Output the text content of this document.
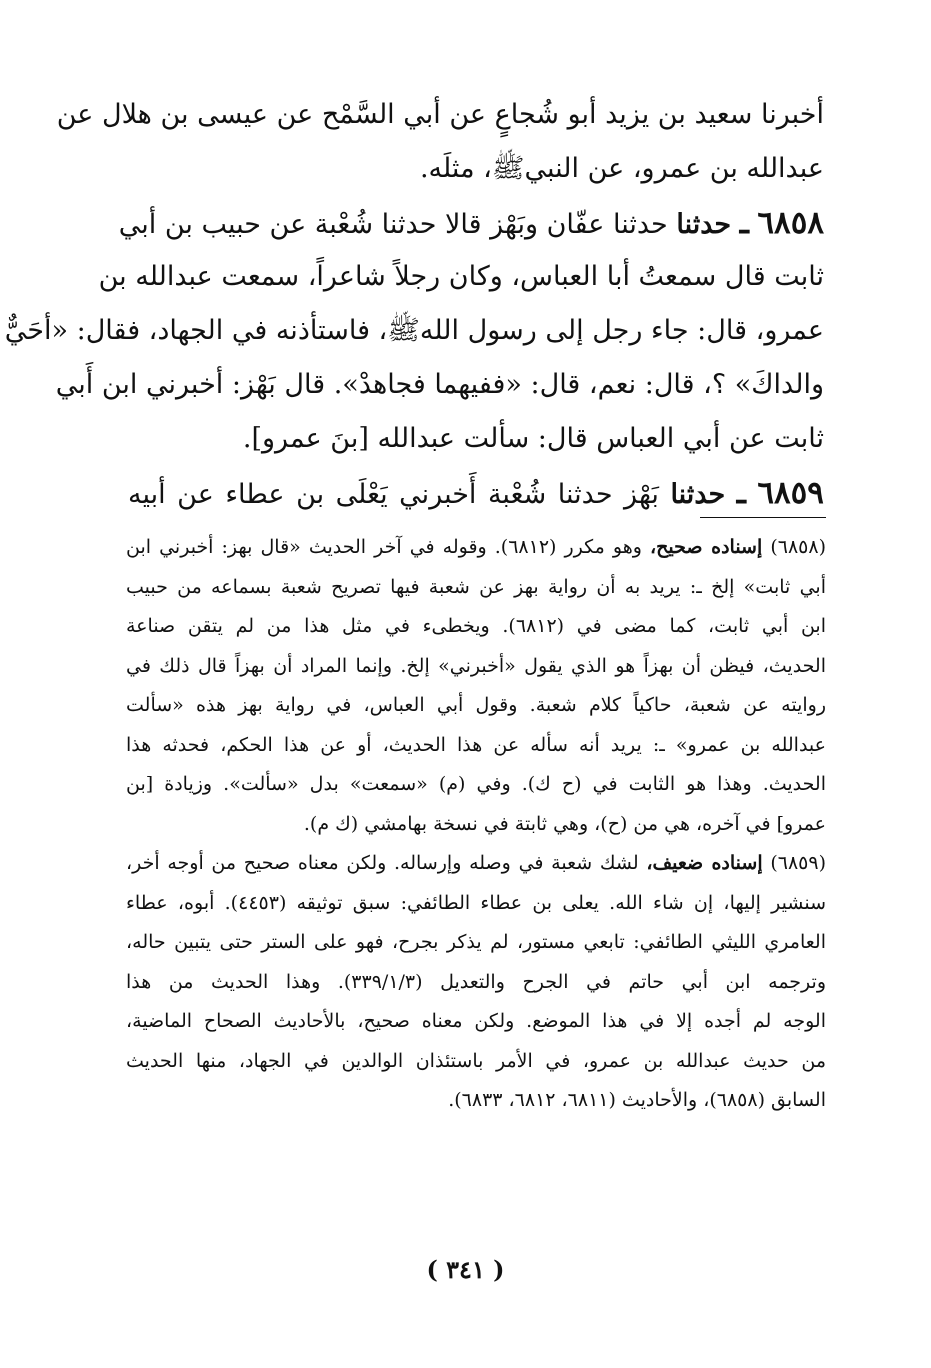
أخبرنا سعيد بن يزيد أبو شُجاعٍ عن أبي السَّمْح عن عيسى بن هلال عن
عبدالله بن عمرو، عن النبيﷺ، مثلَه.
٦٨٥٨ ـ حدثنا حدثنا عفّان وبَهْز قالا حدثنا شُعْبة عن حبيب بن أبي
ثابت قال سمعتُ أبا العباس، وكان رجلاً شاعراً، سمعت عبدالله بن
عمرو، قال: جاء رجل إلى رسول اللهﷺ، فاستأذنه في الجهاد، فقال: «أحَيٌّ
والداكَ» ؟، قال: نعم، قال: «ففيهما فجاهدْ». قال بَهْز: أخبرني ابن أَبي
ثابت عن أبي العباس قال: سألت عبدالله [بنَ عمرو].
٦٨٥٩ ـ حدثنا بَهْز حدثنا شُعْبة أَخبرني يَعْلَى بن عطاء عن أبيه
(٦٨٥٨) إسناده صحيح، وهو مكرر (٦٨١٢). وقوله في آخر الحديث «قال بهز: أخبرني ابن
أبي ثابت» إلخ ـ: يريد به أن رواية بهز عن شعبة فيها تصريح شعبة بسماعه من حبيب
ابن أبي ثابت، كما مضى في (٦٨١٢). ويخطىء في مثل هذا من لم يتقن صناعة
الحديث، فيظن أن بهزاً هو الذي يقول «أخبرني» إلخ. وإنما المراد أن بهزاً قال ذلك في
روايته عن شعبة، حاكياً كلام شعبة. وقول أبي العباس، في رواية بهز هذه «سألت
عبدالله بن عمرو» ـ: يريد أنه سأله عن هذا الحديث، أو عن هذا الحكم، فحدثه هذا
الحديث. وهذا هو الثابت في (ح ك). وفي (م) «سمعت» بدل «سألت». وزيادة [بن
عمرو] في آخره، هي من (ح)، وهي ثابتة في نسخة بهامشي (ك م).
(٦٨٥٩) إسناده ضعيف، لشك شعبة في وصله وإرساله. ولكن معناه صحيح من أوجه أخر،
سنشير إليها، إن شاء الله. يعلى بن عطاء الطائفي: سبق توثيقه (٤٤٥٣). أبوه، عطاء
العامري الليثي الطائفي: تابعي مستور، لم يذكر بجرح، فهو على الستر حتى يتبين حاله،
وترجمه ابن أبي حاتم في الجرح والتعديل (٣٣٩/١/٣). وهذا الحديث من هذا
الوجه لم أجده إلا في هذا الموضع. ولكن معناه صحيح، بالأحاديث الصحاح الماضية،
من حديث عبدالله بن عمرو، في الأمر باستئذان الوالدين في الجهاد، منها الحديث
السابق (٦٨٥٨)، والأحاديث (٦٨١١، ٦٨١٢، ٦٨٣٣).
( ٣٤١ )
